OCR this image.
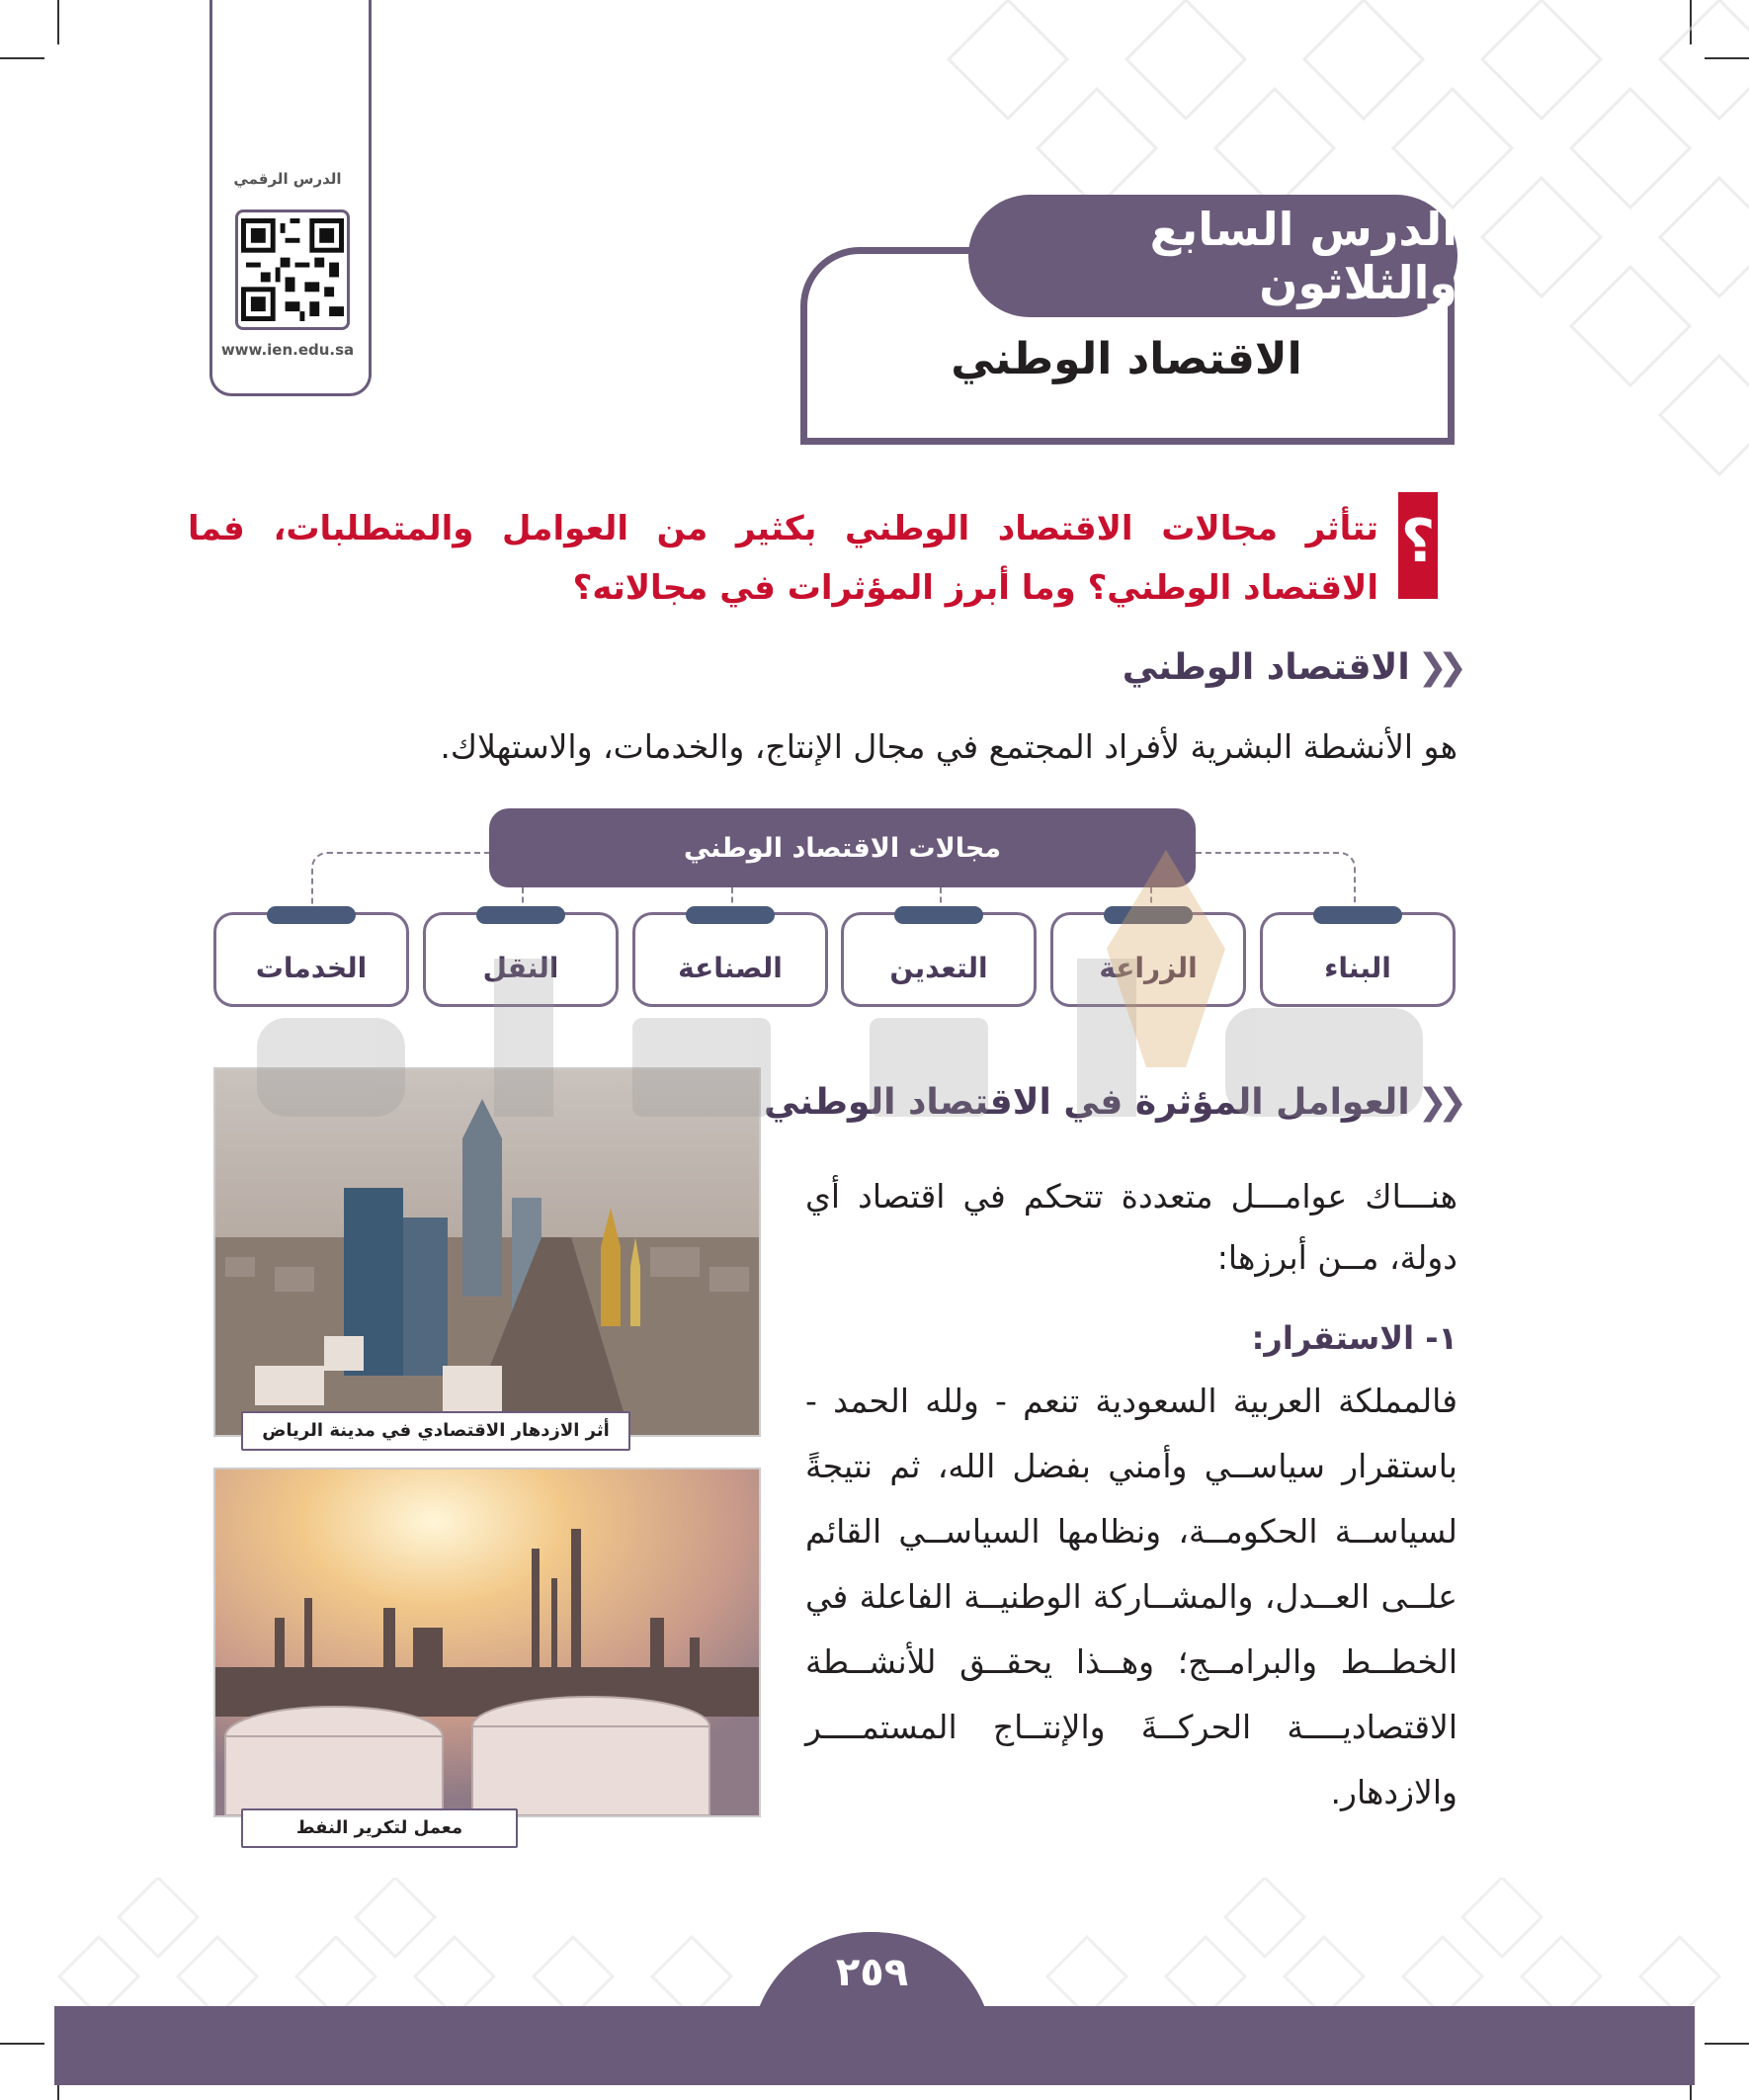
الدرس الرقمي
www.ien.edu.sa
الدرس السابع والثلاثون
الاقتصاد الوطني
؟
تتأثر مجالات الاقتصاد الوطني بكثير من العوامل والمتطلبات، فما الاقتصاد الوطني؟ وما أبرز المؤثرات في مجالاته؟
❮❮
الاقتصاد الوطني
هو الأنشطة البشرية لأفراد المجتمع في مجال الإنتاج، والخدمات، والاستهلاك.
مجالات الاقتصاد الوطني
البناء
الزراعة
التعدين
الصناعة
النقل
الخدمات
أثر الازدهار الاقتصادي في مدينة الرياض
معمل لتكرير النفط
❮❮
العوامل المؤثرة في الاقتصاد الوطني
هنـــاك عوامـــل متعددة تتحكم في اقتصاد أي دولة، مــن أبرزها:
١- الاستقرار:
فالمملكة العربية السعودية تنعم - ولله الحمد - باستقرار سياســي وأمني بفضل الله، ثم نتيجةً لسياســة الحكومــة، ونظامها السياســي القائم علــى العــدل، والمشــاركة الوطنيــة الفاعلة في الخطــط والبرامــج؛ وهــذا يحقــق للأنشــطة الاقتصاديــــة الحركــةَ والإنتــاج المستمــــر والازدهار.
٢٥٩
